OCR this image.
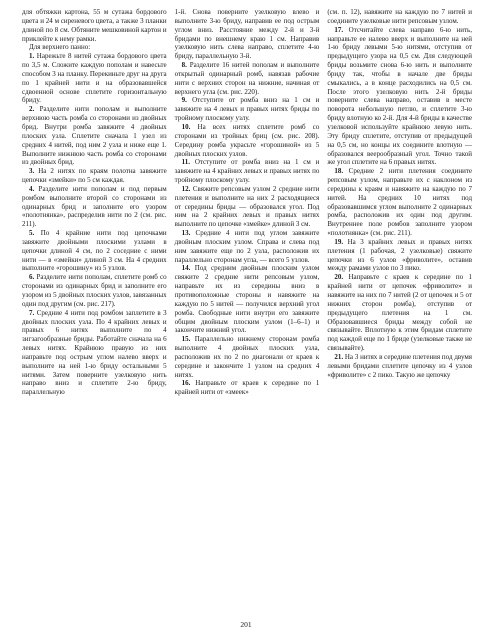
для обтяжки картона, 55 м сутажа бордового цвета и 24 м сиреневого цвета, а также 3 планки длиной по 8 см. Обтяните мешковиной картон и приклейте к нему рамки.

Для верхнего панно:

1. Нарежьте 8 нитей сутажа бордового цвета по 3,5 м. Сложите каждую пополам и навесьте способом 3 на планку. Перекиньте друг на друга по 1 крайней нити и на образовавшейся сдвоенной основе сплетите горизонтальную бриду.

2. Разделите нити пополам и выполните верхнюю часть ромба со сторонами из двойных брид. Внутри ромба завяжите 4 двойных плоских узла. Сплетите сначала 1 узел из средних 4 нитей, под ним 2 узла и ниже еще 1. Выполните нижнюю часть ромба со сторонами из двойных брид.

3. На 2 нитях по краям полотна завяжите цепочки «змейки» по 5 см каждая.

4. Разделите нити пополам и под первым ромбом выполните второй со сторонами из одинарных брид и заполните его узором «полотнянка», распределив нити по 2 (см. рис. 211).

5. По 4 крайние нити под цепочками завяжите двойными плоскими узлами в цепочки длиной 4 см, по 2 соседние с ними нити — в «змейки» длиной 3 см. На 4 средних выполните «горошину» из 5 узлов.

6. Разделите нити пополам, сплетите ромб со сторонами из одинарных брид и заполните его узором из 5 двойных плоских узлов, завязанных один под другим (см. рис. 217).

7. Средние 4 нити под ромбом заплетите в 3 двойных плоских узла. По 4 крайних левых и правых 6 нитях выполните по 4 зигзагообразные бриды. Работайте сначала на 6 левых нитях. Крайнюю правую из них направьте под острым углом налево вверх и выполните на ней 1-ю бриду остальными 5 нитями. Затем поверните узелковую нить направо вниз и сплетите 2-ю бриду, параллельную

1-й. Снова поверните узелковую влево и выполните 3-ю бриду, направив ее под острым углом вниз. Расстояние между 2-й и 3-й бридами по внешнему краю 1 см. Направив узелковую нить слева направо, сплетите 4-ю бриду, параллельную 3-й.

8. Разделите 16 нитей пополам и выполните открытый одинарный ромб, навязав рабочие нити с верхних сторон на нижние, начиная от верхнего угла (см. рис. 220).

9. Отступите от ромба вниз на 1 см и завяжите на 4 левых и правых нитях бриды по тройному плоскому узлу.

10. На всех нитях сплетите ромб со сторонами из тройных бриц (см. рис. 208). Середину ромба украсьте «горошиной» из 5 двойных плоских узлов.

11. Отступите от ромба вниз на 1 см и завяжите на 4 крайних левых и правых нитях по тройному плоскому узлу.

12. Свяжите репсовым узлом 2 средние нити плетения и выполните на них 2 расходящиеся от середины бриды — образовался угол. Под ним на 2 крайних левых и правых нитях выполните по цепочке «змейке» длиной 3 см.

13. Средние 4 нити под углом завяжите двойным плоским узлом. Справа и слева под ним завяжите еще по 2 узла, расположив их параллельно сторонам угла, — всего 5 узлов.

14. Под средним двойным плоским узлом свяжите 2 средние нити репсовым узлом, направьте их из середины вниз в противоположные стороны и навяжите на каждую по 5 нитей — получился верхний угол ромба. Свободные нити внутри его завяжите общим двойным плоским узлом (1–6–1) и закончите нижний угол.

15. Параллельно нижнему сторонам ромба выполните 4 двойных плоских узла, расположив их по 2 по диагонали от краев к середине и закончите 1 узлом на средних 4 нитях.

16. Направьте от краев к середине по 1 крайней нити от «змеек»

(см. п. 12), навяжите на каждую по 7 нитей и соедините узелковые нити репсовым узлом.

17. Отсчитайте слева направо 6-ю нить, направьте ее налево вверх и выполните на ней 1-ю бриду левыми 5-ю нитями, отступив от предыдущего узора на 0,5 см. Для следующей бриды возьмите снова 6-ю нить и выполните бриду так, чтобы в начале две бриды смыкались, а в конце расходились на 0,5 см. После этого узелковую нить 2-й бриды поверните слева направо, оставив в месте поворота небольшую петлю, и сплетите 3-ю бриду влотную ко 2-й. Для 4-й бриды в качестве узелковой используйте крайнюю левую нить. Эту бриду сплетите, отступив от предыдущей на 0,5 см, но концы их соедините влотную — образовался веерообразный угол. Точно такой же угол сплетите на 6 правых нитях.

18. Средние 2 нити плетения соедините репсовым узлом, направьте их с наклоном из середины к краям и навяжите на каждую по 7 нитей. На средних 10 нитях под образовавшимся углом выполните 2 одинарных ромба, расположив их один под другим. Внутреннее поле ромбов заполните узором «полотнянка» (см. рис. 211).

19. На 3 крайних левых и правых нитях плетения (1 рабочая, 2 узелковые) свяжите цепочки из 6 узлов «фриволите», оставив между рамами узлов по 3 пико.

20. Направьте с краев к середине по 1 крайней нити от цепочек «фриволите» и навяжите на них по 7 нитей (2 от цепочек и 5 от нижних сторон ромба), отступив от предыдущего плетения на 1 см. Образовавшиеся бриды между собой не связывайте. Вплотную к этим бридам сплетите под каждой еще по 1 бриде (узелковые также не связывайте).

21. На 3 нитях в середине плетения под двумя левыми бридами сплетите цепочку из 4 узлов «фриволите» с 2 пико. Такую же цепочку

201
